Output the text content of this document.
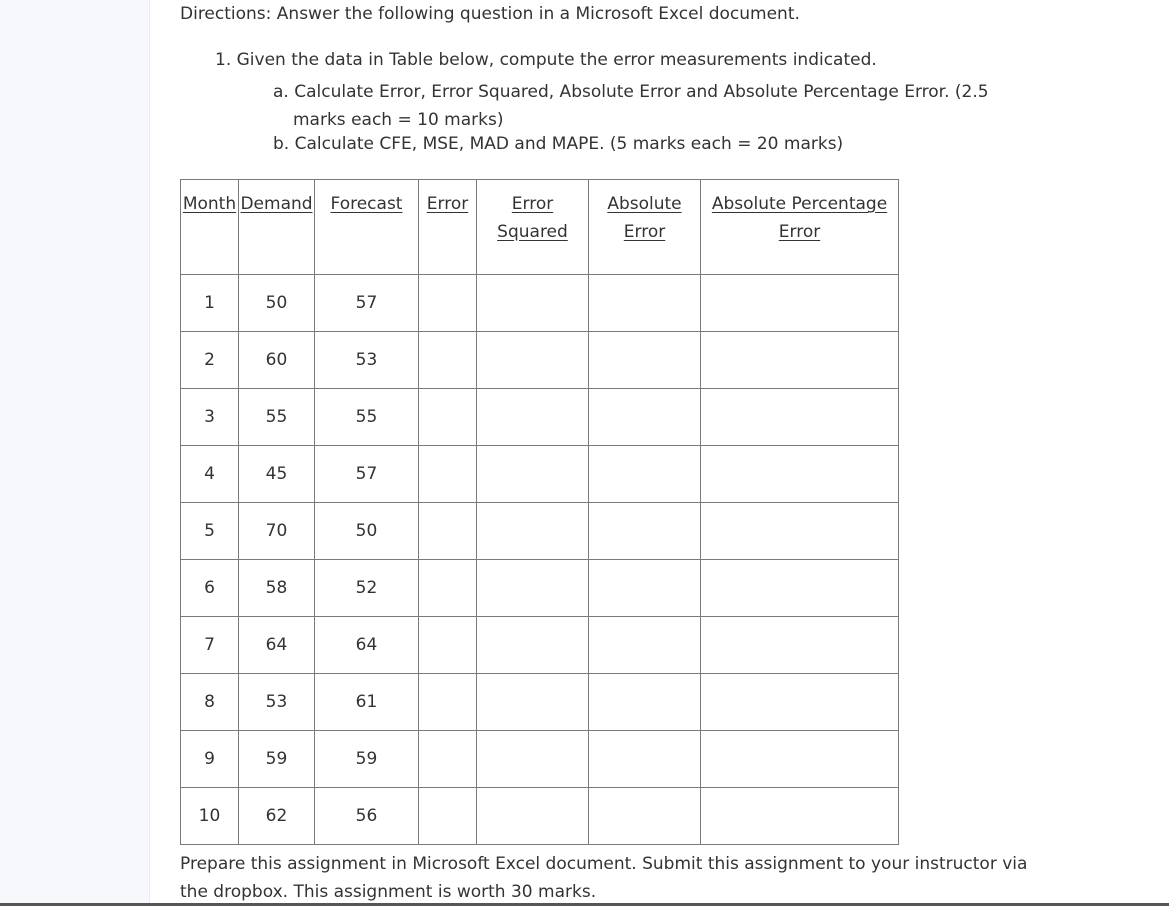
Directions: Answer the following question in a Microsoft Excel document.
1. Given the data in Table below, compute the error measurements indicated.
a. Calculate Error, Error Squared, Absolute Error and Absolute Percentage Error. (2.5 marks each = 10 marks)
b. Calculate CFE, MSE, MAD and MAPE. (5 marks each = 20 marks)
Month	Demand	Forecast	Error	Error Squared	Absolute Error	Absolute Percentage Error
1	50	57				
2	60	53				
3	55	55				
4	45	57				
5	70	50				
6	58	52				
7	64	64				
8	53	61				
9	59	59				
10	62	56				
Prepare this assignment in Microsoft Excel document. Submit this assignment to your instructor via the dropbox. This assignment is worth 30 marks.
